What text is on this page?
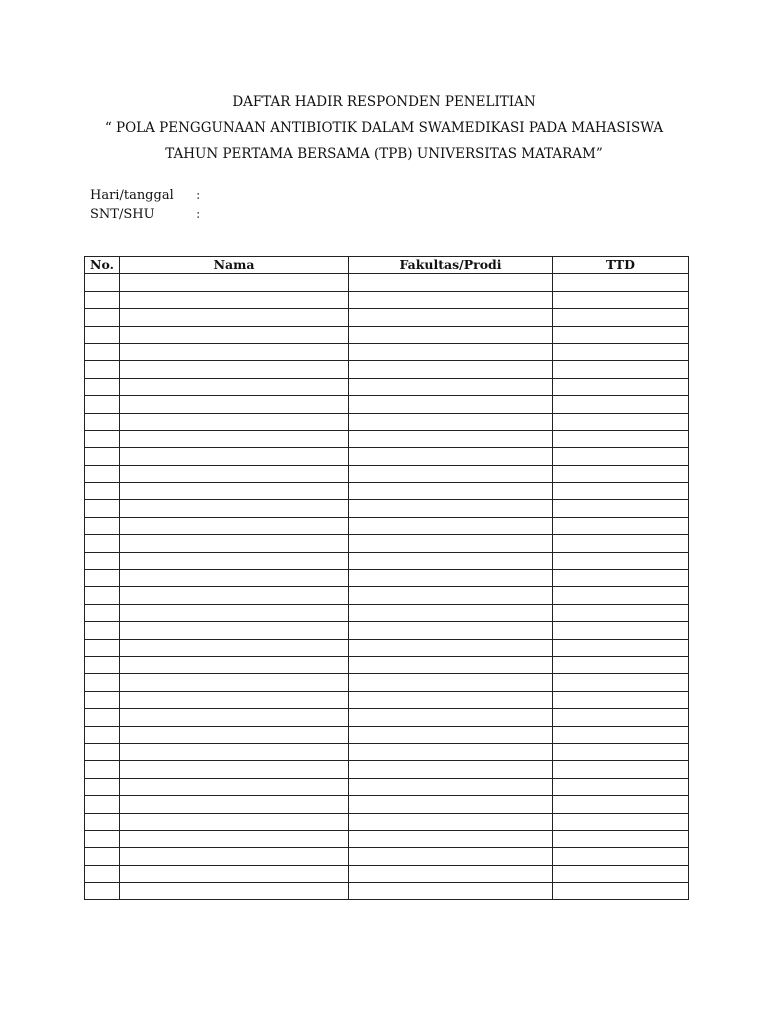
DAFTAR HADIR RESPONDEN PENELITIAN
“ POLA PENGGUNAAN ANTIBIOTIK DALAM SWAMEDIKASI PADA MAHASISWA
TAHUN PERTAMA BERSAMA (TPB) UNIVERSITAS MATARAM”
Hari/tanggal :
SNT/SHU	:
No.	Nama	Fakultas/Prodi	TTD
